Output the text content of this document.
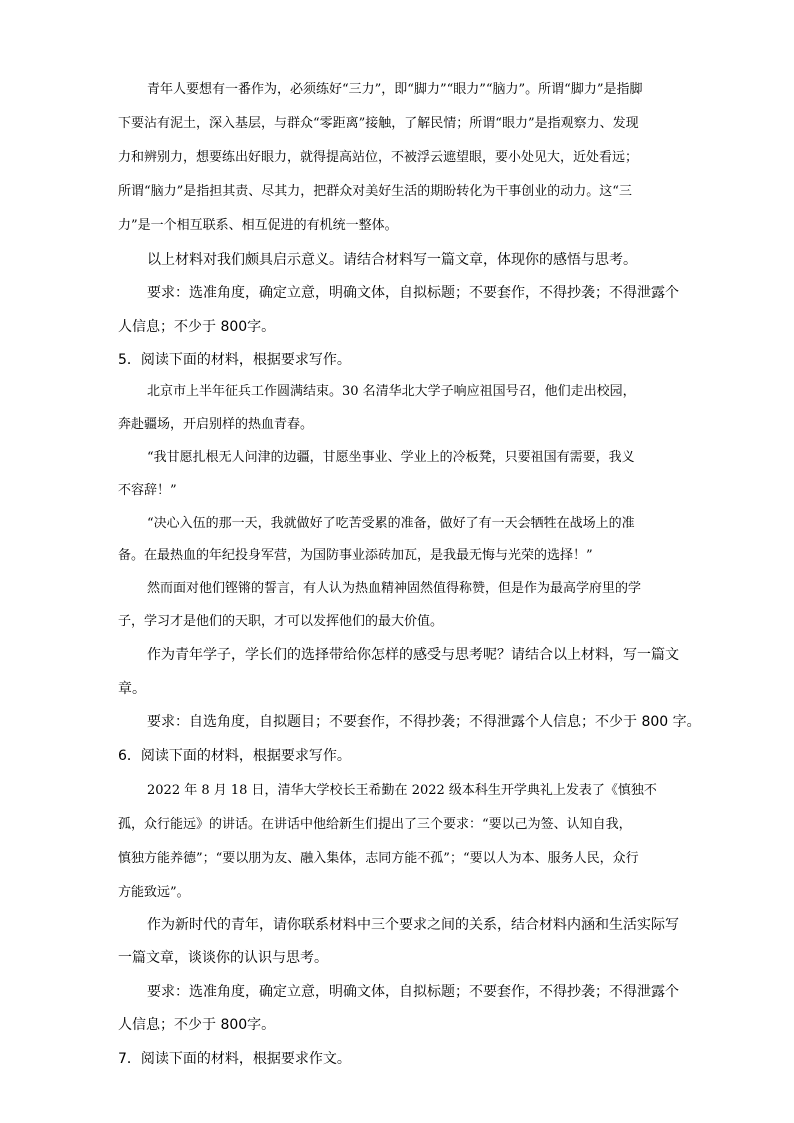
青年人要想有一番作为，必须练好“三力”，即“脚力”“眼力”“脑力”。所谓“脚力”是指脚
下要沾有泥土，深入基层，与群众“零距离”接触，了解民情；所谓“眼力”是指观察力、发现
力和辨别力，想要练出好眼力，就得提高站位，不被浮云遮望眼，要小处见大，近处看远；
所谓“脑力”是指担其责、尽其力，把群众对美好生活的期盼转化为干事创业的动力。这“三
力”是一个相互联系、相互促进的有机统一整体。
以上材料对我们颇具启示意义。请结合材料写一篇文章，体现你的感悟与思考。
要求：选准角度，确定立意，明确文体，自拟标题；不要套作，不得抄袭；不得泄露个
人信息；不少于 800字。
5．阅读下面的材料，根据要求写作。
北京市上半年征兵工作圆满结束。30 名清华北大学子响应祖国号召，他们走出校园，
奔赴疆场，开启别样的热血青春。
“我甘愿扎根无人问津的边疆，甘愿坐事业、学业上的冷板凳，只要祖国有需要，我义
不容辞！”
“决心入伍的那一天，我就做好了吃苦受累的准备，做好了有一天会牺牲在战场上的准
备。在最热血的年纪投身军营，为国防事业添砖加瓦，是我最无悔与光荣的选择！”
然而面对他们铿锵的誓言，有人认为热血精神固然值得称赞，但是作为最高学府里的学
子，学习才是他们的天职，才可以发挥他们的最大价值。
作为青年学子，学长们的选择带给你怎样的感受与思考呢？请结合以上材料，写一篇文
章。
要求：自选角度，自拟题目；不要套作，不得抄袭；不得泄露个人信息；不少于 800 字。
6．阅读下面的材料，根据要求写作。
2022 年 8 月 18 日，清华大学校长王希勤在 2022 级本科生开学典礼上发表了《慎独不
孤，众行能远》的讲话。在讲话中他给新生们提出了三个要求：“要以己为签、认知自我，
慎独方能养德”；“要以朋为友、融入集体，志同方能不孤”；“要以人为本、服务人民，众行
方能致远”。
作为新时代的青年，请你联系材料中三个要求之间的关系，结合材料内涵和生活实际写
一篇文章，谈谈你的认识与思考。
要求：选准角度，确定立意，明确文体，自拟标题；不要套作，不得抄袭；不得泄露个
人信息；不少于 800字。
7．阅读下面的材料，根据要求作文。
